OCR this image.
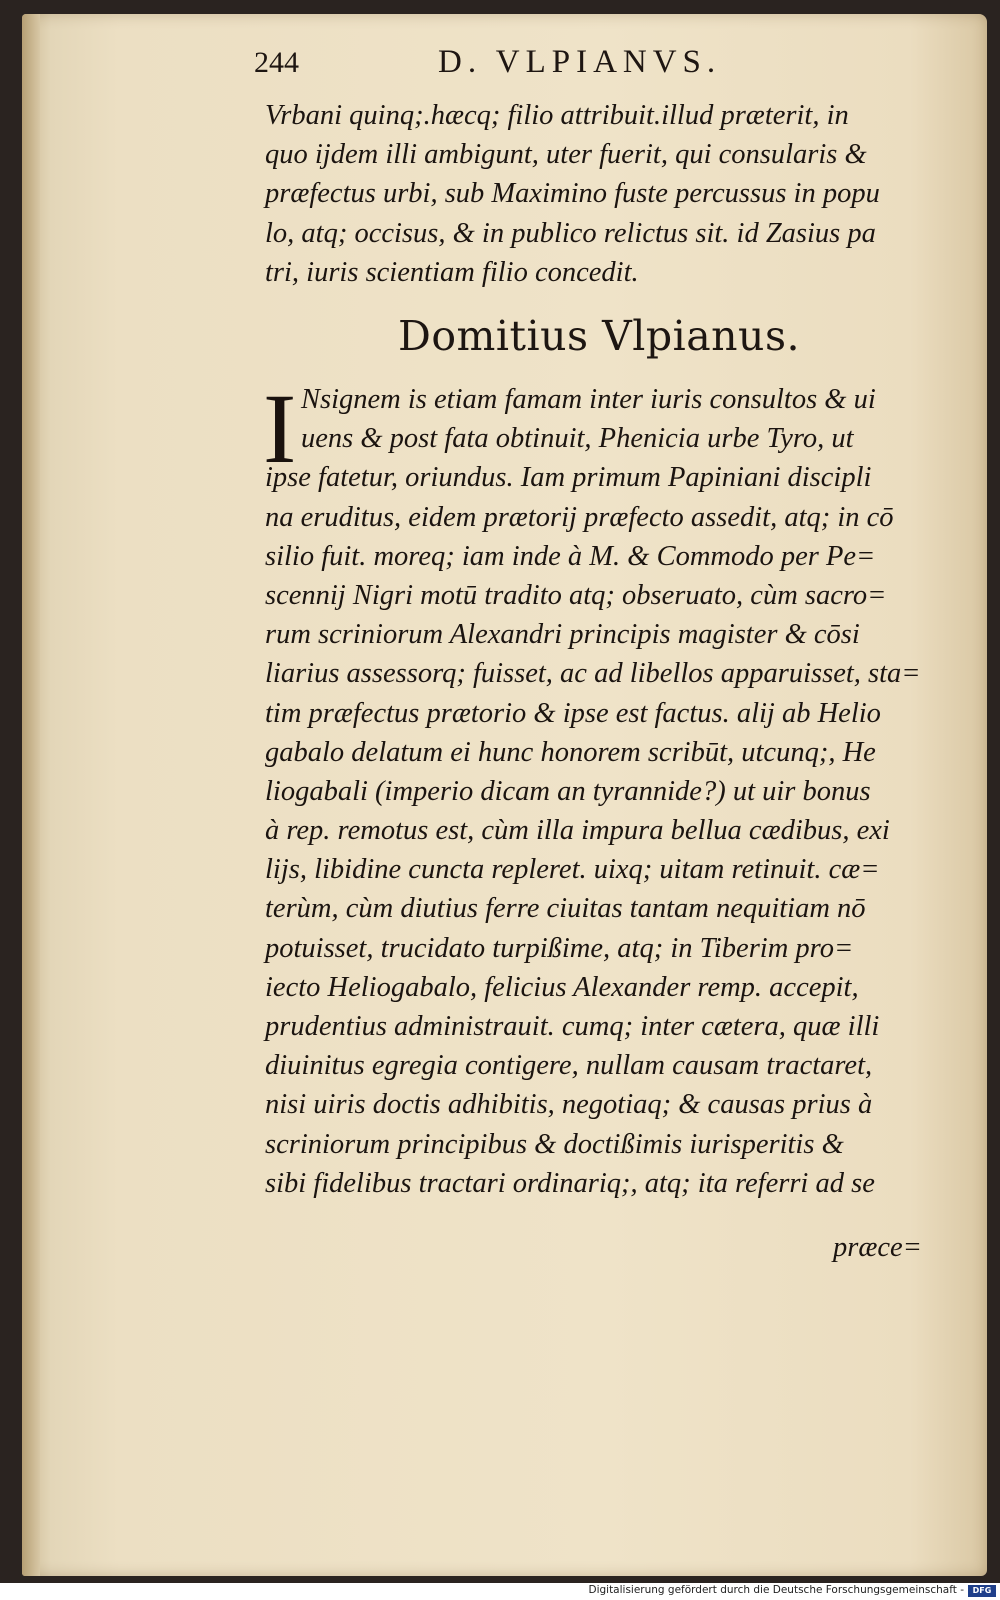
244	D. VLPIANVS.
Vrbani quinq;.hæcq; filio attribuit.illud præterit, in
quo ijdem illi ambigunt, uter fuerit, qui consularis &
præfectus urbi, sub Maximino fuste percussus in popu
lo, atq; occisus, & in publico relictus sit. id Zasius pa
tri, iuris scientiam filio concedit.
Domitius Vlpianus.
I Nsignem is etiam famam inter iuris consultos & ui
uens & post fata obtinuit, Phenicia urbe Tyro, ut
ipse fatetur, oriundus. Iam primum Papiniani discipli
na eruditus, eidem prætorij præfecto assedit, atq; in cō
silio fuit. moreq; iam inde à M. & Commodo per Pe=
scennij Nigri motū tradito atq; obseruato, cùm sacro=
rum scriniorum Alexandri principis magister & cōsi
liarius assessorq; fuisset, ac ad libellos apparuisset, sta=
tim præfectus prætorio & ipse est factus. alij ab Helio
gabalo delatum ei hunc honorem scribūt, utcunq;, He
liogabali (imperio dicam an tyrannide?) ut uir bonus
à rep. remotus est, cùm illa impura bellua cædibus, exi
lijs, libidine cuncta repleret. uixq; uitam retinuit. cæ=
terùm, cùm diutius ferre ciuitas tantam nequitiam nō
potuisset, trucidato turpißime, atq; in Tiberim pro=
iecto Heliogabalo, felicius Alexander remp. accepit,
prudentius administrauit. cumq; inter cætera, quæ illi
diuinitus egregia contigere, nullam causam tractaret,
nisi uiris doctis adhibitis, negotiaq; & causas prius à
scriniorum principibus & doctißimis iurisperitis &
sibi fidelibus tractari ordinariq;, atq; ita referri ad se
præce=
Digitalisierung gefördert durch die Deutsche Forschungsgemeinschaft -	DFG
